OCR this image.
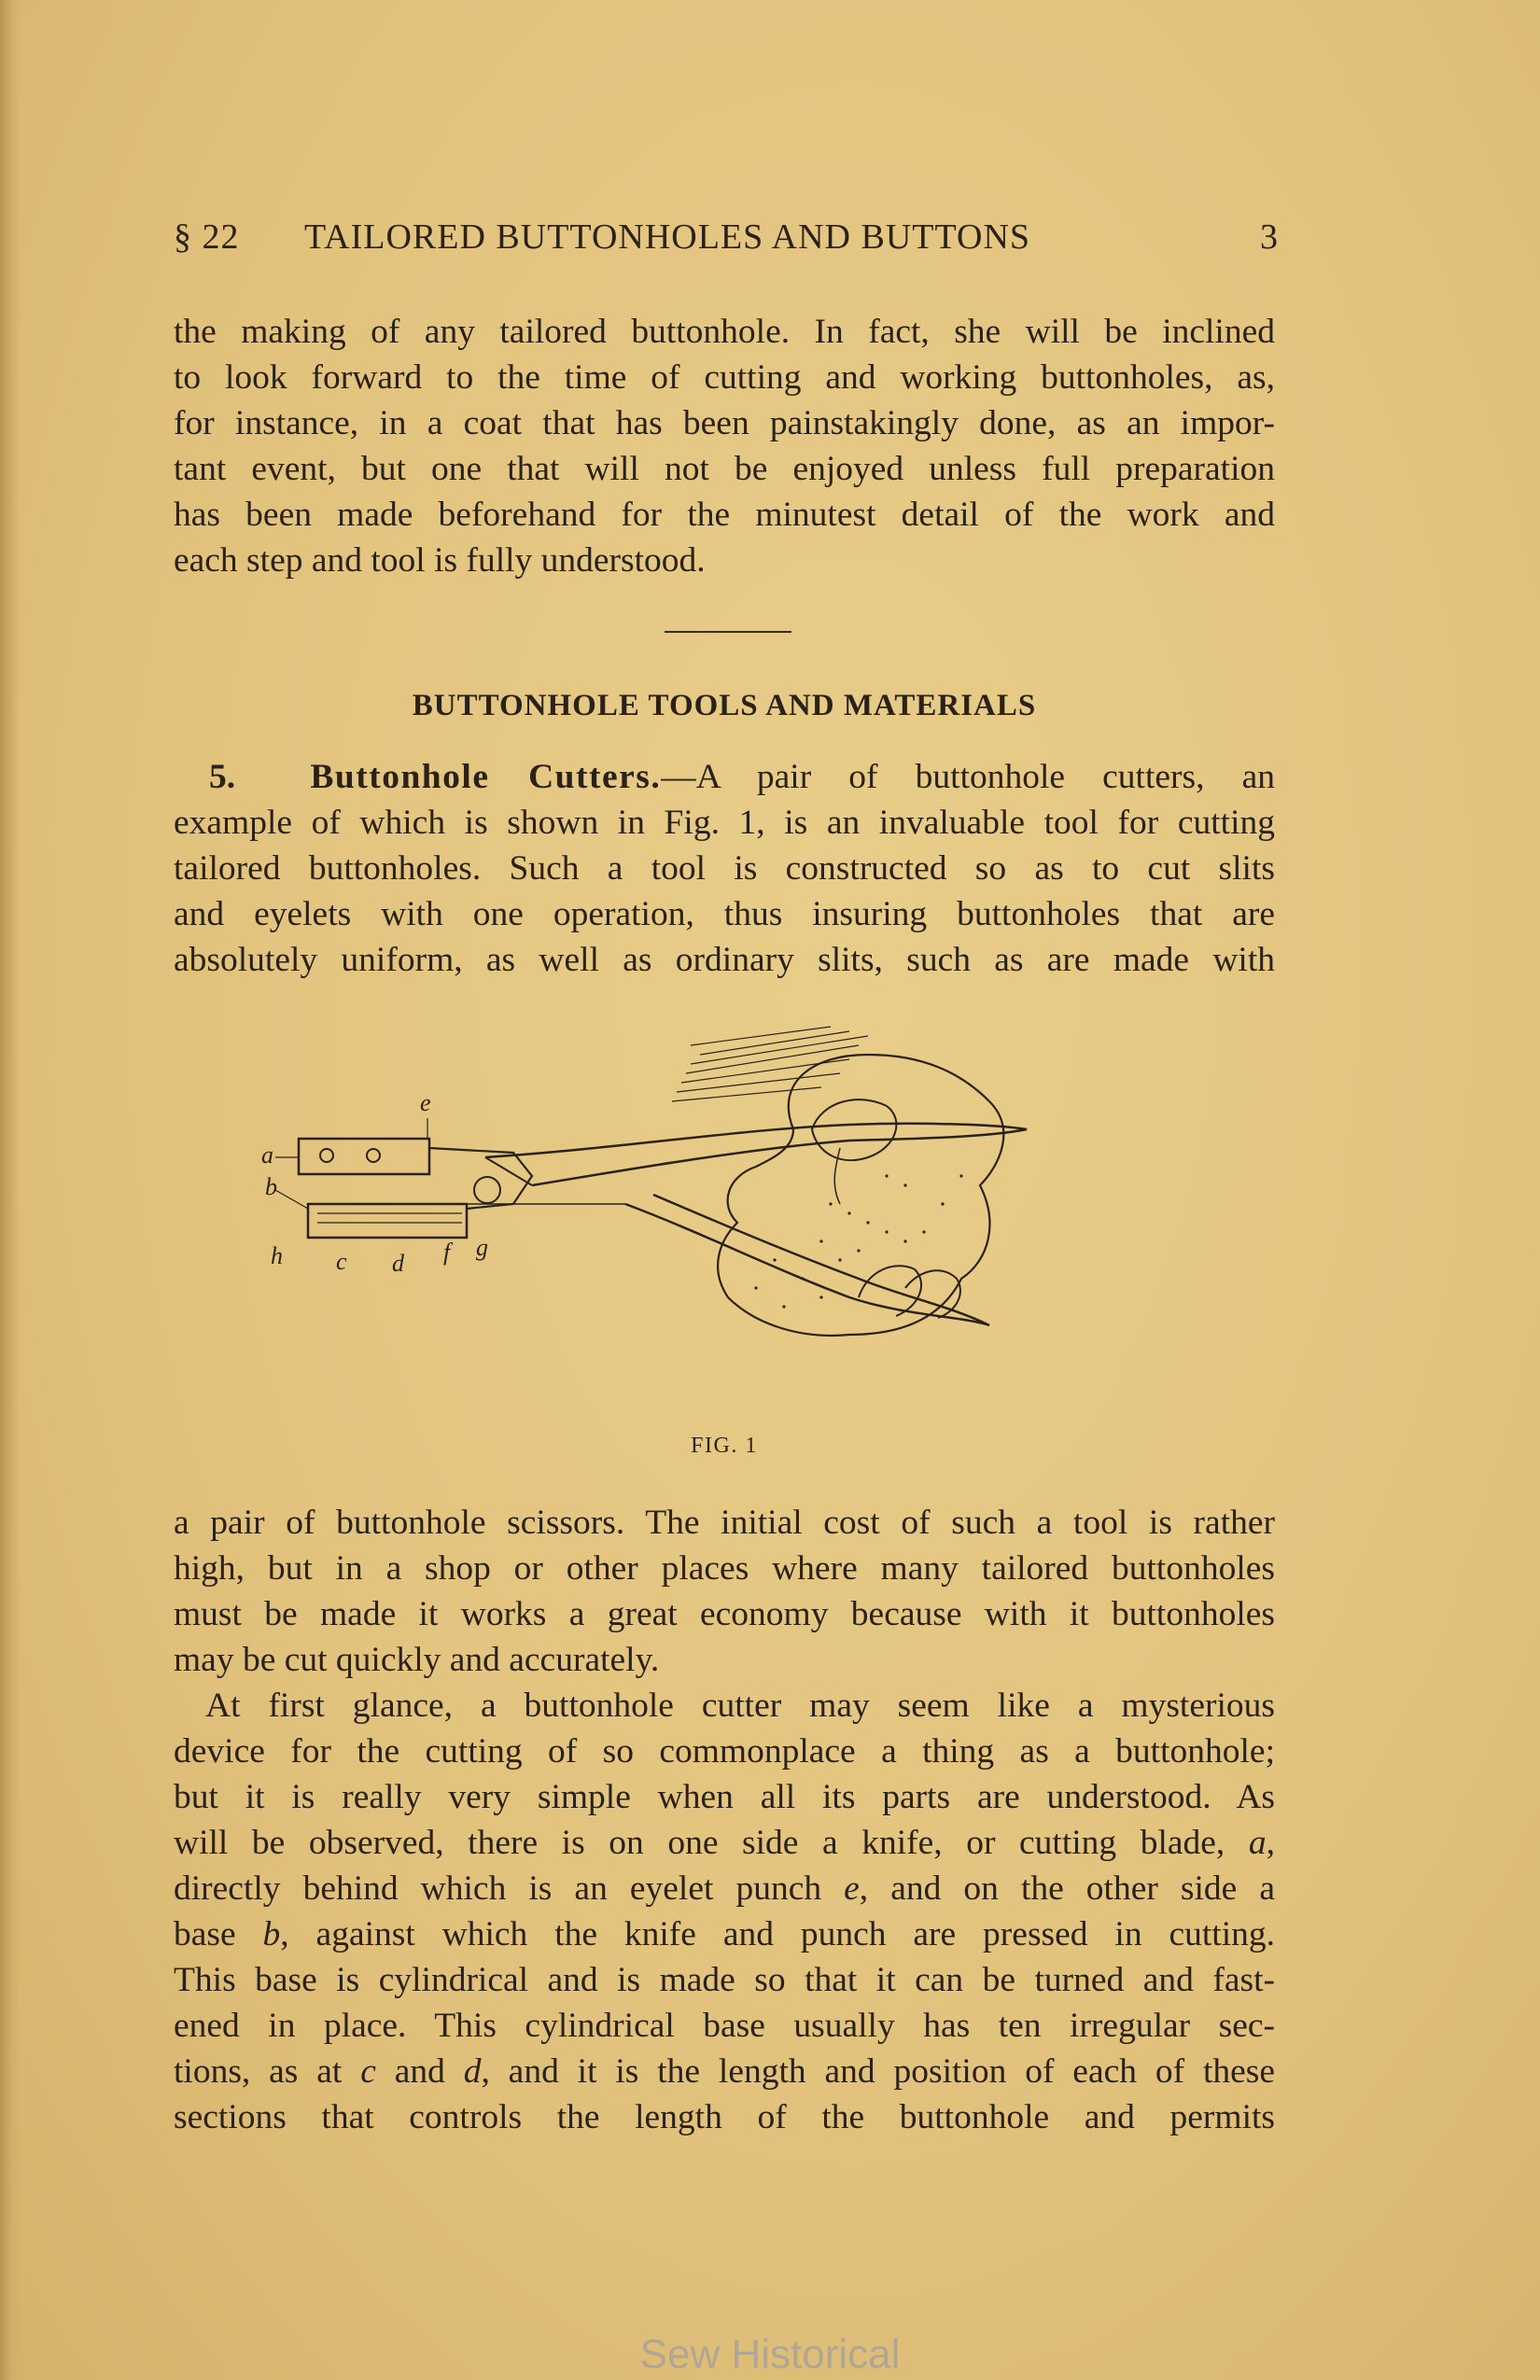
§ 22 TAILORED BUTTONHOLES AND BUTTONS	3
the making of any tailored buttonhole. In fact, she will be inclined
to look forward to the time of cutting and working buttonholes, as,
for instance, in a coat that has been painstakingly done, as an impor-
tant event, but one that will not be enjoyed unless full preparation
has been made beforehand for the minutest detail of the work and
each step and tool is fully understood.
BUTTONHOLE TOOLS AND MATERIALS
5. Buttonhole Cutters.—A pair of buttonhole cutters, an
example of which is shown in Fig. 1, is an invaluable tool for cutting
tailored buttonholes. Such a tool is constructed so as to cut slits
and eyelets with one operation, thus insuring buttonholes that are
absolutely uniform, as well as ordinary slits, such as are made with
e
a
b
h c d f g
FIG. 1
a pair of buttonhole scissors. The initial cost of such a tool is rather
high, but in a shop or other places where many tailored buttonholes
must be made it works a great economy because with it buttonholes
may be cut quickly and accurately.
At first glance, a buttonhole cutter may seem like a mysterious
device for the cutting of so commonplace a thing as a buttonhole;
but it is really very simple when all its parts are understood. As
will be observed, there is on one side a knife, or cutting blade, a,
directly behind which is an eyelet punch e, and on the other side a
base b, against which the knife and punch are pressed in cutting.
This base is cylindrical and is made so that it can be turned and fast-
ened in place. This cylindrical base usually has ten irregular sec-
tions, as at c and d, and it is the length and position of each of these
sections that controls the length of the buttonhole and permits
Sew Historical
